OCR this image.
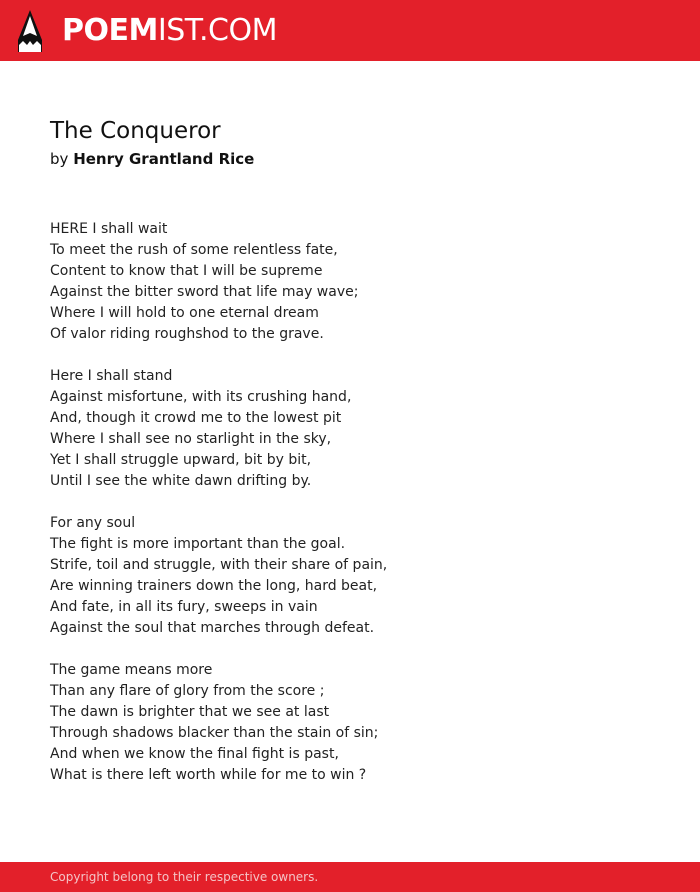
POEMIST.COM
The Conqueror
by Henry Grantland Rice
HERE I shall wait
To meet the rush of some relentless fate,
Content to know that I will be supreme
Against the bitter sword that life may wave;
Where I will hold to one eternal dream
Of valor riding roughshod to the grave.
Here I shall stand
Against misfortune, with its crushing hand,
And, though it crowd me to the lowest pit
Where I shall see no starlight in the sky,
Yet I shall struggle upward, bit by bit,
Until I see the white dawn drifting by.
For any soul
The fight is more important than the goal.
Strife, toil and struggle, with their share of pain,
Are winning trainers down the long, hard beat,
And fate, in all its fury, sweeps in vain
Against the soul that marches through defeat.
The game means more
Than any flare of glory from the score ;
The dawn is brighter that we see at last
Through shadows blacker than the stain of sin;
And when we know the final fight is past,
What is there left worth while for me to win ?
Copyright belong to their respective owners.
